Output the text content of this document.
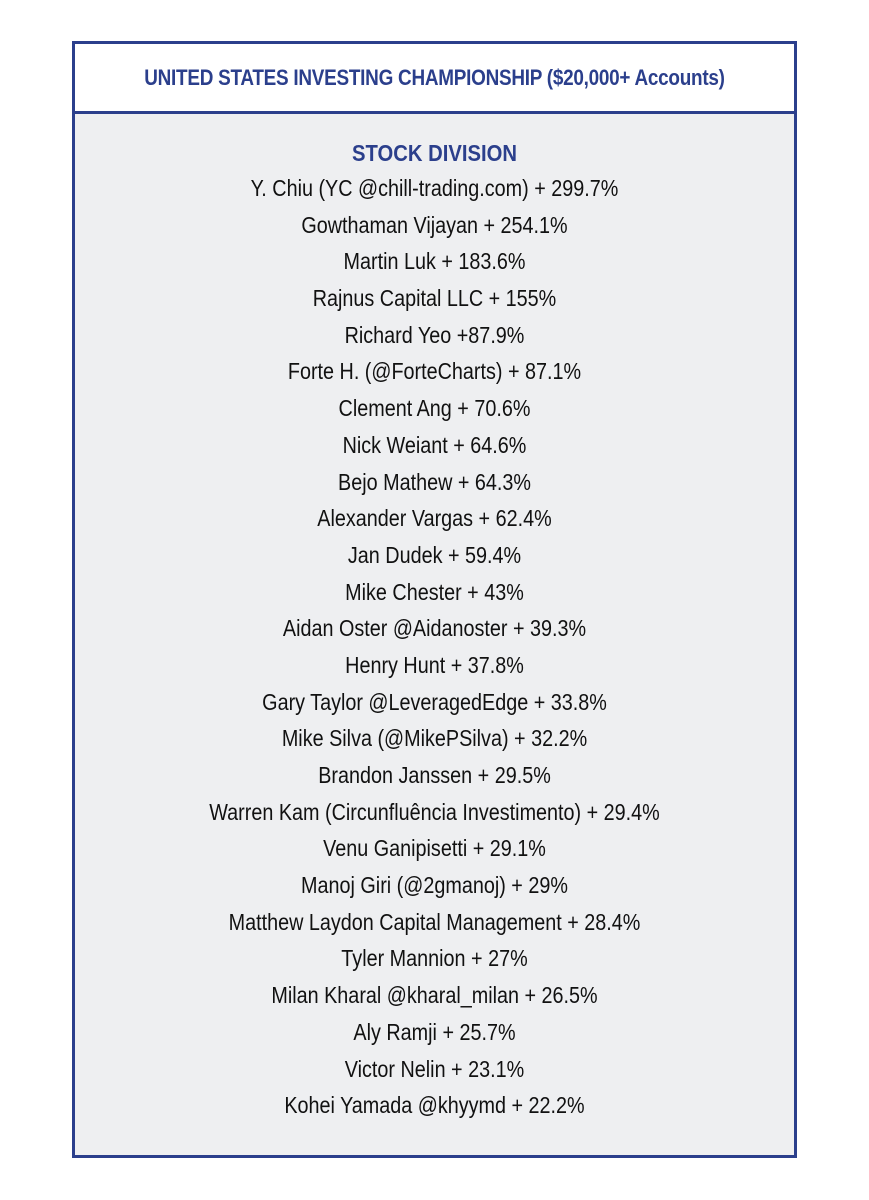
UNITED STATES INVESTING CHAMPIONSHIP ($20,000+ Accounts)
STOCK DIVISION
Y. Chiu (YC @chill-trading.com) + 299.7%
Gowthaman Vijayan + 254.1%
Martin Luk + 183.6%
Rajnus Capital LLC + 155%
Richard Yeo +87.9%
Forte H. (@ForteCharts) + 87.1%
Clement Ang + 70.6%
Nick Weiant + 64.6%
Bejo Mathew + 64.3%
Alexander Vargas + 62.4%
Jan Dudek + 59.4%
Mike Chester + 43%
Aidan Oster @Aidanoster + 39.3%
Henry Hunt + 37.8%
Gary Taylor @LeveragedEdge + 33.8%
Mike Silva (@MikePSilva) + 32.2%
Brandon Janssen + 29.5%
Warren Kam (Circunfluência Investimento) + 29.4%
Venu Ganipisetti + 29.1%
Manoj Giri (@2gmanoj) + 29%
Matthew Laydon Capital Management + 28.4%
Tyler Mannion + 27%
Milan Kharal @kharal_milan + 26.5%
Aly Ramji + 25.7%
Victor Nelin + 23.1%
Kohei Yamada @khyymd + 22.2%
